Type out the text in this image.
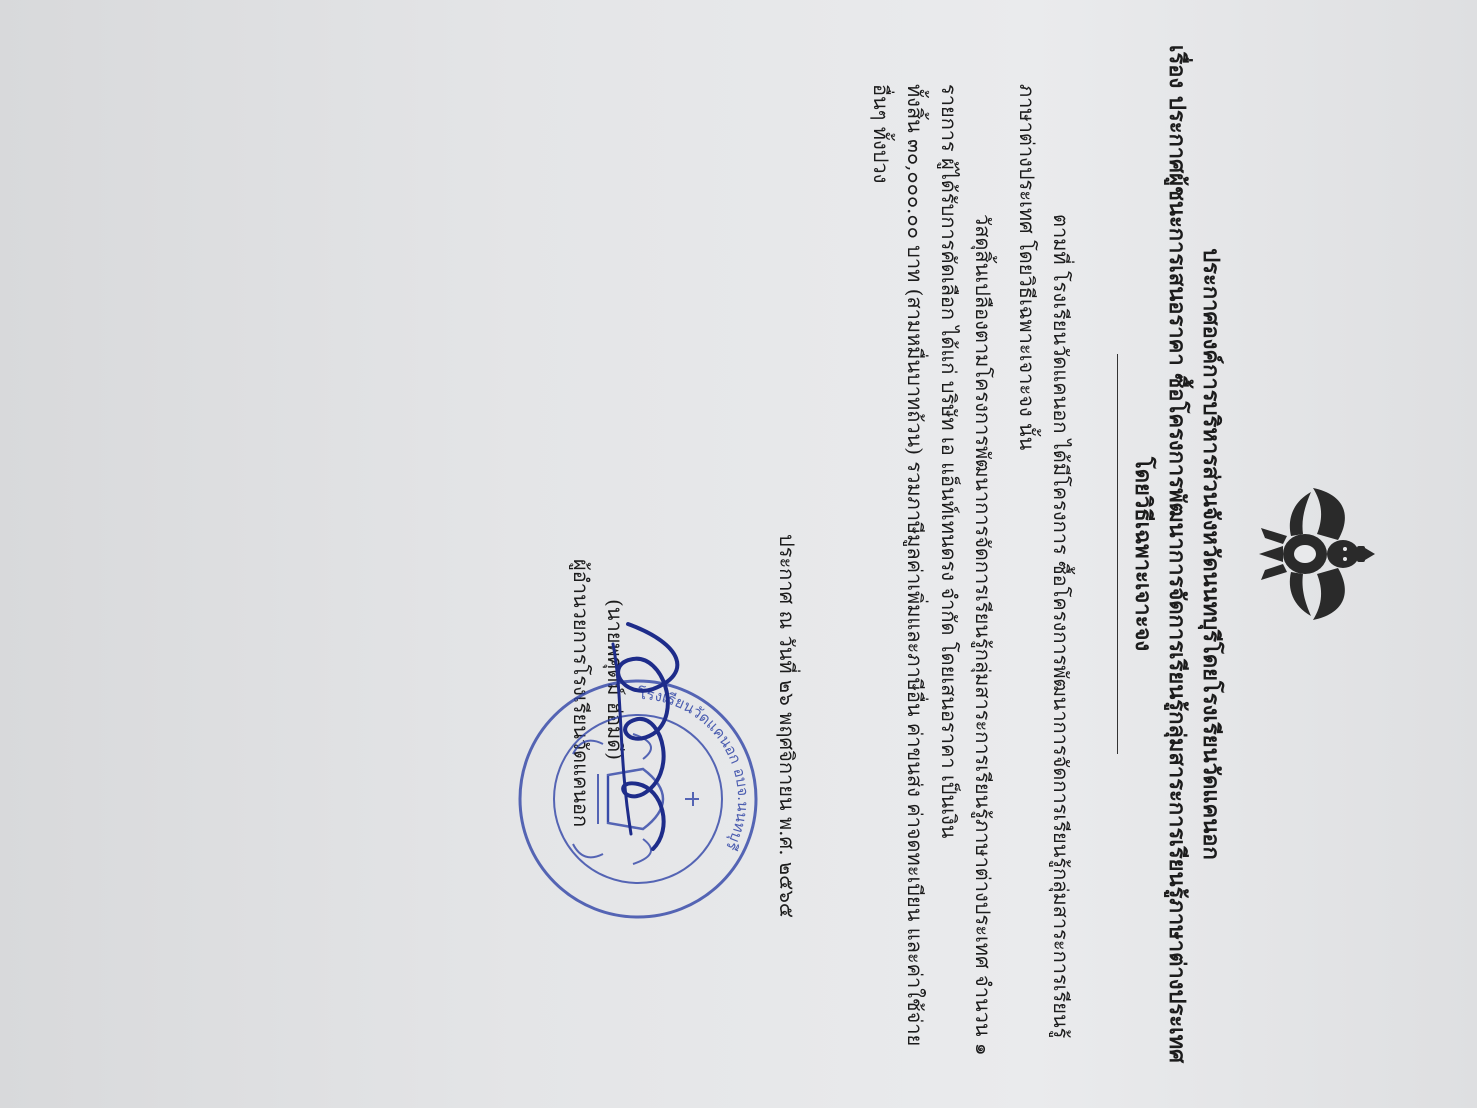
ประกาศองค์การบริหารส่วนจังหวัดนนทบุรีโดยโรงเรียนวัดแคนอก
เรื่อง ประกาศผู้ชนะการเสนอราคา ซื้อโครงการพัฒนาการจัดการเรียนรู้กลุ่มสาระการเรียนรู้ภาษาต่างประเทศ
โดยวิธีเฉพาะเจาะจง
ตามที่ โรงเรียนวัดแคนอก ได้มีโครงการ ซื้อโครงการพัฒนาการจัดการเรียนรู้กลุ่มสาระการเรียนรู้
ภาษาต่างประเทศ โดยวิธีเฉพาะเจาะจง นั้น
วัสดุสิ้นเปลืองตามโครงการพัฒนาการจัดการเรียนรู้กลุ่มสาระการเรียนรู้ภาษาต่างประเทศ จำนวน ๑
รายการ ผู้ได้รับการคัดเลือก ได้แก่ บริษัท เอ แอ็นท์เทนดรง จำกัด โดยเสนอราคา เป็นเงิน
ทั้งสิ้น ๓๐,๐๐๐.๐๐ บาท (สามหมื่นบาทถ้วน) รวมภาษีมูลค่าเพิ่มและภาษีอื่น ค่าขนส่ง ค่าจดทะเบียน และค่าใช้จ่าย
อื่นๆ ทั้งปวง
ประกาศ ณ วันที่ ๒๖ พฤศจิกายน พ.ศ. ๒๕๖๕
(นายพศุตม์ ฮ่อมดี)
ผู้อำนวยการโรงเรียนวัดแคนอก	โรงเรียนวัดแคนอก อบจ.นนทบุรี
